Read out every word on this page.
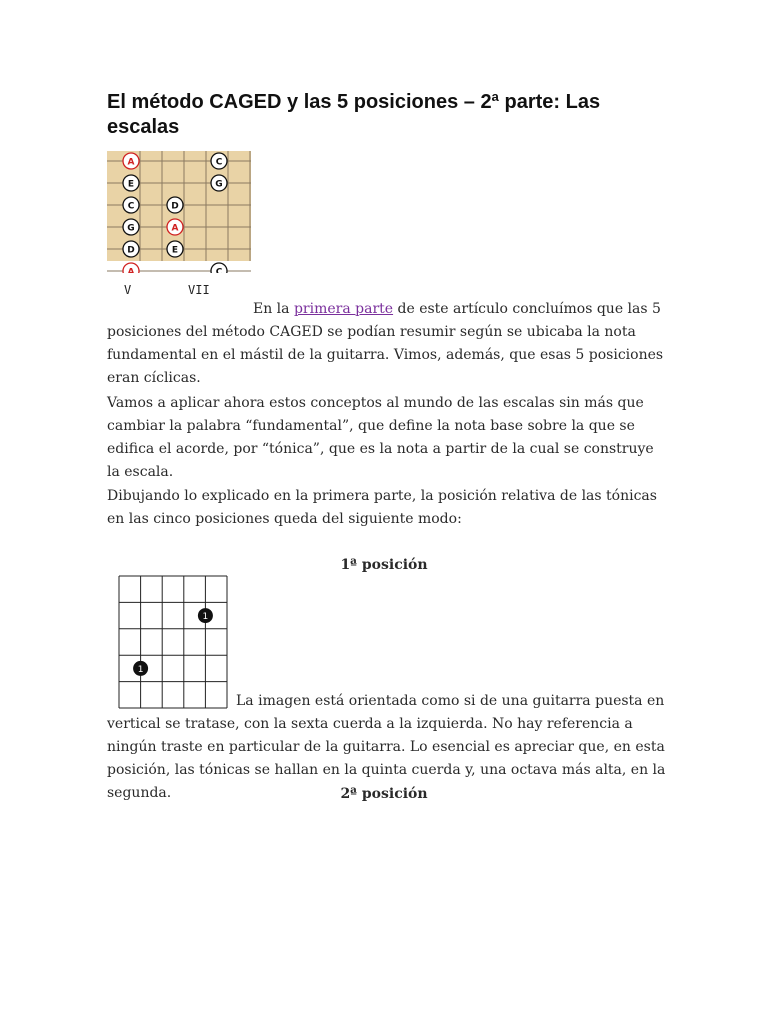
El método CAGED y las 5 posiciones – 2ª parte: Las escalas
A
E
C
G
D
A
D
A
E
C
G
C
V	VII

En la primera parte de este artículo concluímos que las 5 posiciones del método CAGED se podían resumir según se ubicaba la nota fundamental en el mástil de la guitarra. Vimos, además, que esas 5 posiciones eran cíclicas.

Vamos a aplicar ahora estos conceptos al mundo de las escalas sin más que cambiar la palabra “fundamental”, que define la nota base sobre la que se edifica el acorde, por “tónica”, que es la nota a partir de la cual se construye la escala.

Dibujando lo explicado en la primera parte, la posición relativa de las tónicas en las cinco posiciones queda del siguiente modo:

1ª posición

1
1

La imagen está orientada como si de una guitarra puesta en vertical se tratase, con la sexta cuerda a la izquierda. No hay referencia a ningún traste en particular de la guitarra. Lo esencial es apreciar que, en esta posición, las tónicas se hallan en la quinta cuerda y, una octava más alta, en la segunda.	2ª posición
